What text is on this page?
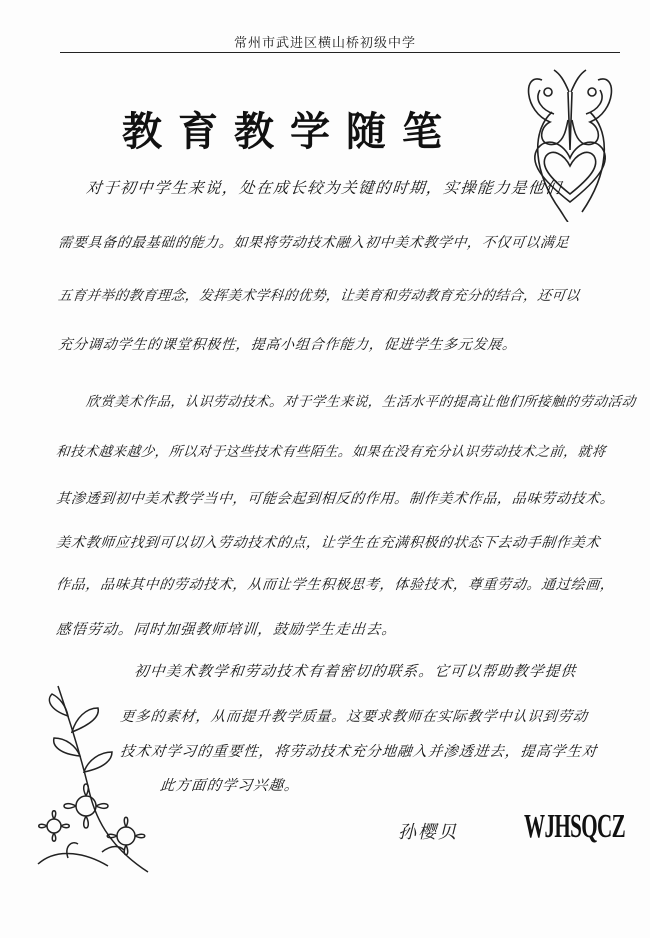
常州市武进区横山桥初级中学
教育教学随笔
对于初中学生来说，处在成长较为关键的时期，实操能力是他们
需要具备的最基础的能力。如果将劳动技术融入初中美术教学中，不仅可以满足
五育并举的教育理念，发挥美术学科的优势，让美育和劳动教育充分的结合，还可以
充分调动学生的课堂积极性，提高小组合作能力，促进学生多元发展。
欣赏美术作品，认识劳动技术。对于学生来说，生活水平的提高让他们所接触的劳动活动
和技术越来越少，所以对于这些技术有些陌生。如果在没有充分认识劳动技术之前，就将
其渗透到初中美术教学当中，可能会起到相反的作用。制作美术作品，品味劳动技术。
美术教师应找到可以切入劳动技术的点，让学生在充满积极的状态下去动手制作美术
作品，品味其中的劳动技术，从而让学生积极思考，体验技术，尊重劳动。通过绘画，
感悟劳动。同时加强教师培训，鼓励学生走出去。
初中美术教学和劳动技术有着密切的联系。它可以帮助教学提供
更多的素材，从而提升教学质量。这要求教师在实际教学中认识到劳动
技术对学习的重要性，将劳动技术充分地融入并渗透进去，提高学生对
此方面的学习兴趣。
孙樱贝 WJHSQCZ
